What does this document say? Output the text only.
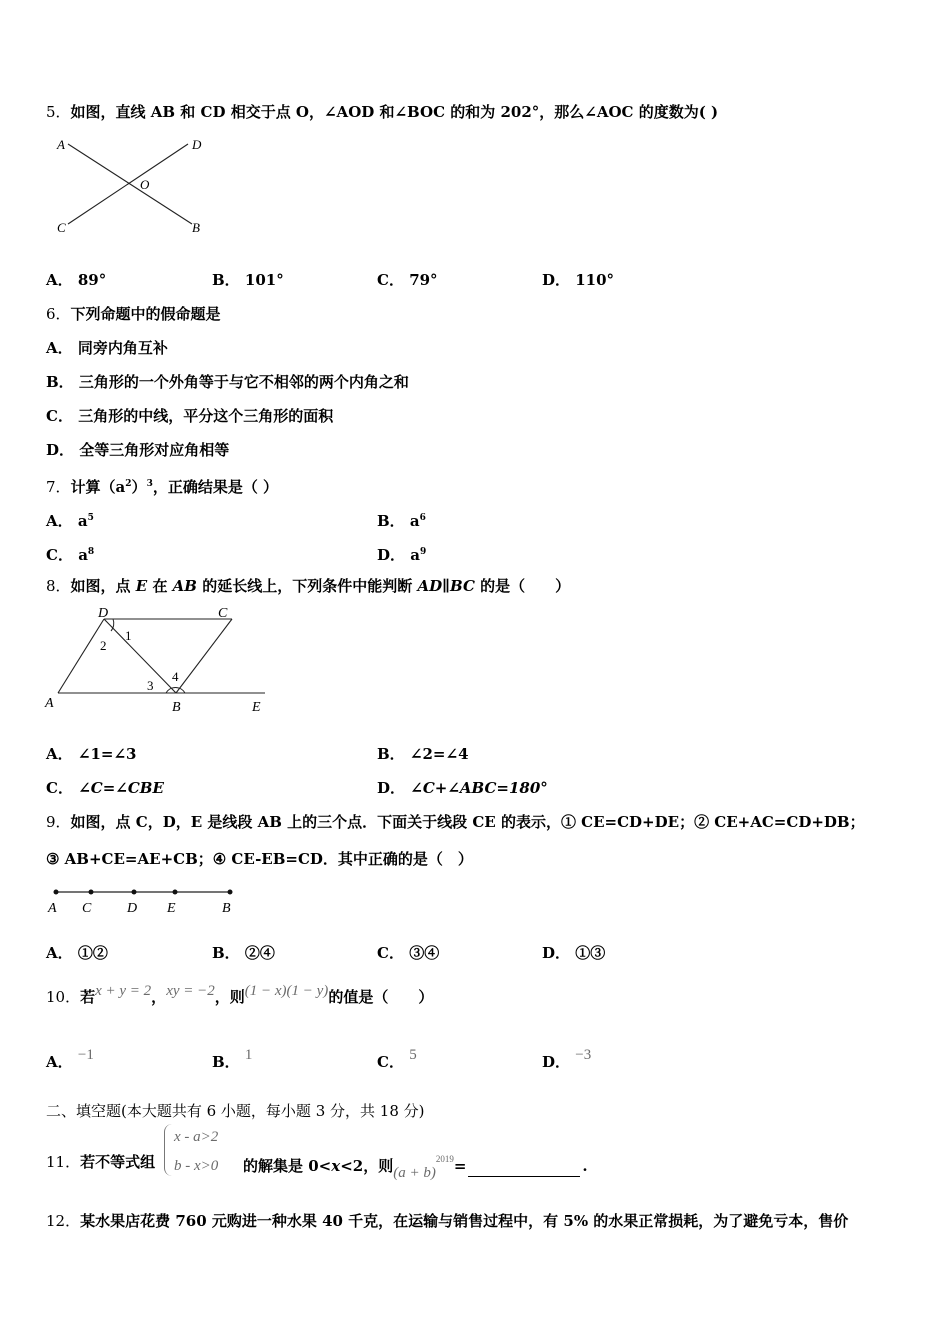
5．如图，直线 AB 和 CD 相交于点 O，∠AOD 和∠BOC 的和为 202°，那么∠AOC 的度数为( )
A	D
O
C	B
A． 89°	B． 101°	C． 79°	D． 110°
6．下列命题中的假命题是
A． 同旁内角互补
B． 三角形的一个外角等于与它不相邻的两个内角之和
C． 三角形的中线，平分这个三角形的面积
D． 全等三角形对应角相等
7．计算$(a^2)^3$，正确结果是（ ）
A． $a^5$	B． $a^6$
C． $a^8$	D． $a^9$
8．如图，点 E 在 AB 的延长线上，下列条件中能判断 AD∥BC 的是（　　）
A
D	C
1
2
3
4
B	E
A． ∠1=∠3	B． ∠2=∠4
C． ∠C=∠CBE	D． ∠C+∠ABC=180°
9．如图，点 C，D，E 是线段 AB 上的三个点．下面关于线段 CE 的表示，① CE=CD+DE；② CE+AC=CD+DB；
③ AB+CE=AE+CB；④ CE-EB=CD．其中正确的是（　）
A C	D E	B
A． ①②	B． ②④	C． ③④	D． ①③
10．若x + y = 2，xy = −2，则(1 − x)(1 − y)的值是（　　）
A． −1	B． 1	C． 5	D． −3
二、填空题(本大题共有 6 小题，每小题 3 分，共 18 分)
x - a>2
b - x>0
11．若不等式组	的解集是 0<x<2，则$(a + b)^{2019}=$	.
12．某水果店花费 760 元购进一种水果 40 千克，在运输与销售过程中，有 5% 的水果正常损耗，为了避免亏本，售价
